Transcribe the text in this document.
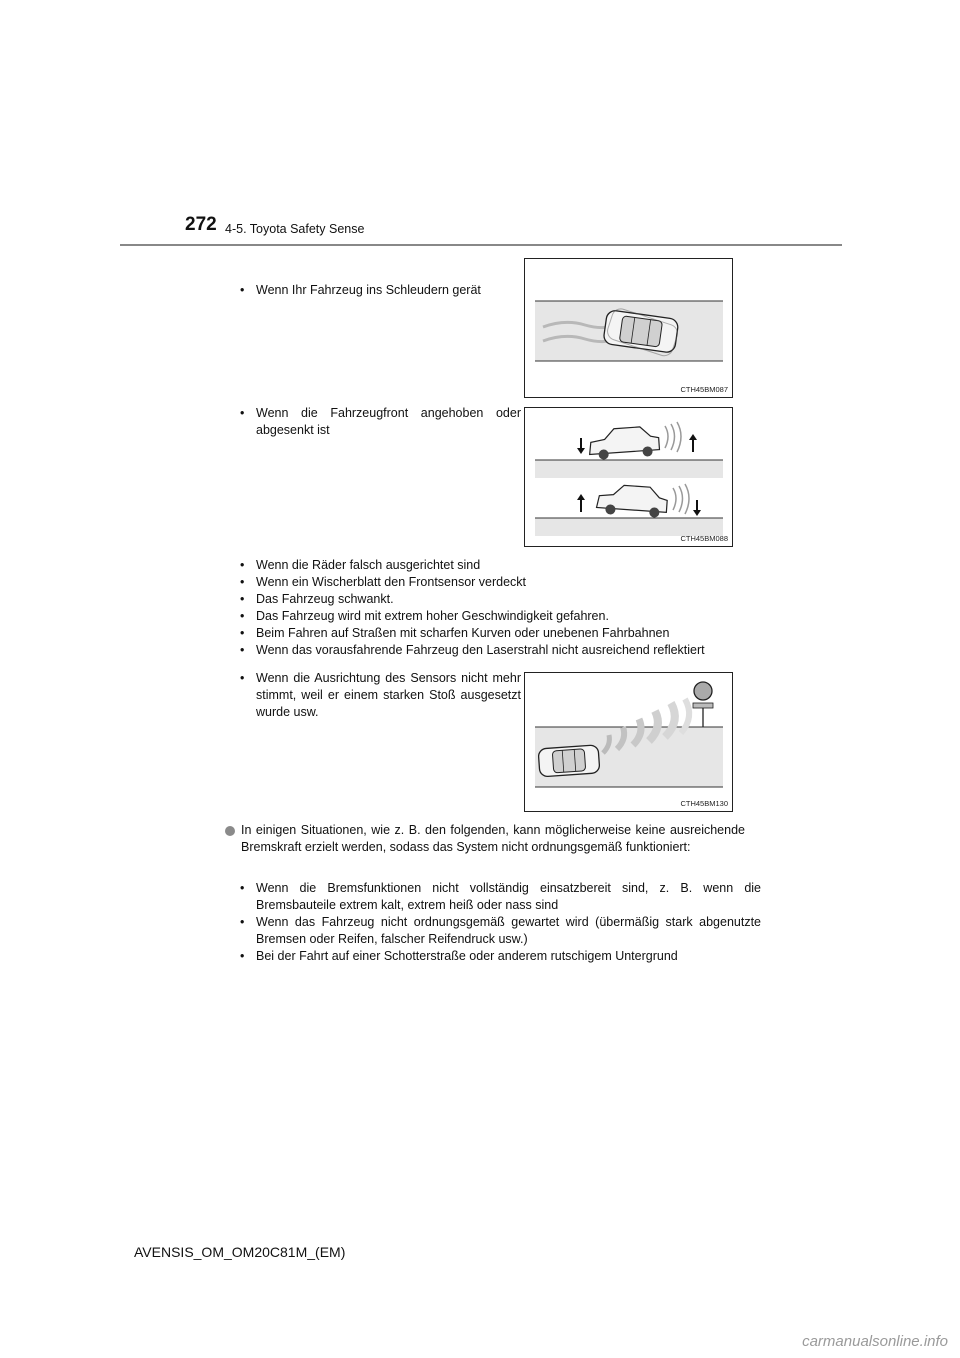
272 4-5. Toyota Safety Sense
• Wenn Ihr Fahrzeug ins Schleudern gerät
CTH45BM087
• Wenn die Fahrzeugfront angehoben oder abgesenkt ist
CTH45BM088
• Wenn die Räder falsch ausgerichtet sind
• Wenn ein Wischerblatt den Frontsensor verdeckt
• Das Fahrzeug schwankt.
• Das Fahrzeug wird mit extrem hoher Geschwindigkeit gefahren.
• Beim Fahren auf Straßen mit scharfen Kurven oder unebenen Fahrbahnen
• Wenn das vorausfahrende Fahrzeug den Laserstrahl nicht ausreichend reflektiert
• Wenn die Ausrichtung des Sensors nicht mehr stimmt, weil er einem starken Stoß ausgesetzt wurde usw.
CTH45BM130
In einigen Situationen, wie z. B. den folgenden, kann möglicherweise keine ausreichende Bremskraft erzielt werden, sodass das System nicht ordnungsgemäß funktioniert:
• Wenn die Bremsfunktionen nicht vollständig einsatzbereit sind, z. B. wenn die Bremsbauteile extrem kalt, extrem heiß oder nass sind
• Wenn das Fahrzeug nicht ordnungsgemäß gewartet wird (übermäßig stark abgenutzte Bremsen oder Reifen, falscher Reifendruck usw.)
• Bei der Fahrt auf einer Schotterstraße oder anderem rutschigem Untergrund
AVENSIS_OM_OM20C81M_(EM)
carmanualsonline.info
